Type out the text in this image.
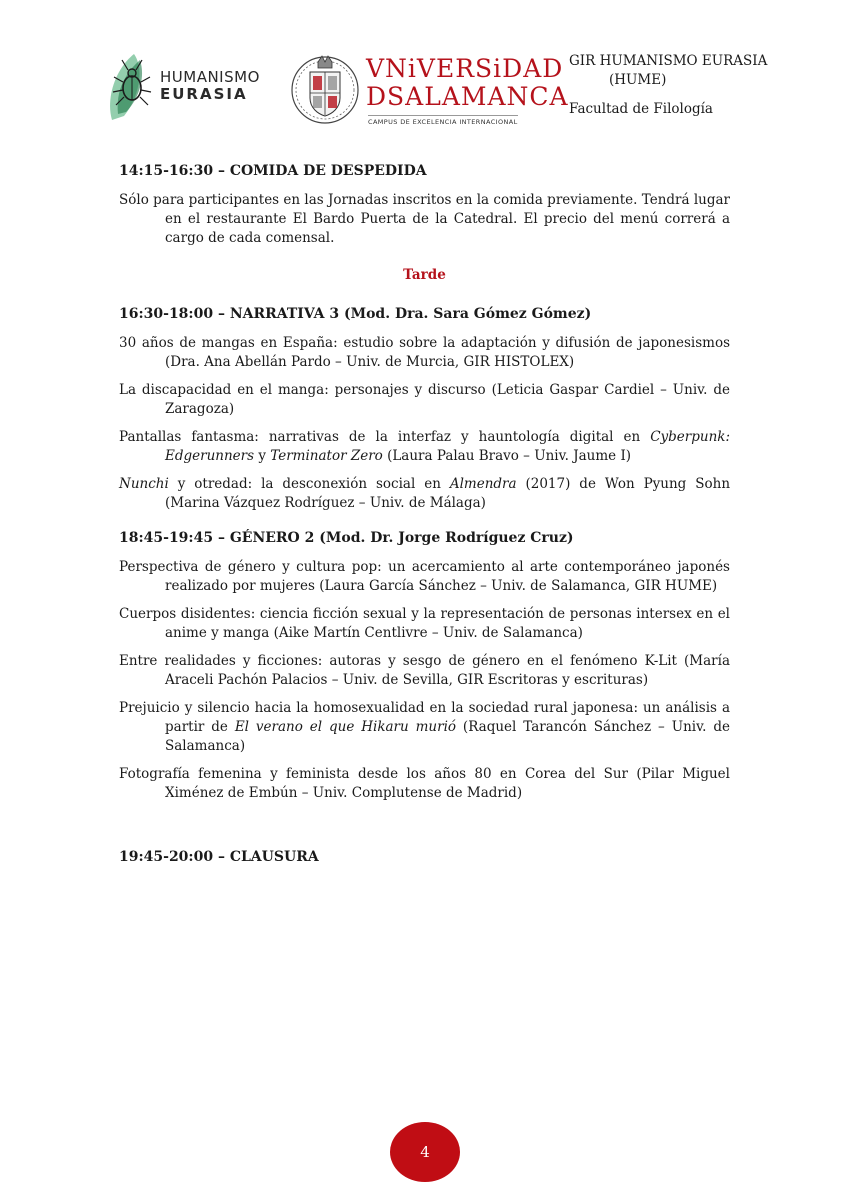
HUMANISMO
EURASIA
VNiVERSiDAD
DSALAMANCA
CAMPUS DE EXCELENCIA INTERNACIONAL
GIR HUMANISMO EURASIA
(HUME)
Facultad de Filología
14:15-16:30 – COMIDA DE DESPEDIDA

Sólo para participantes en las Jornadas inscritos en la comida previamente. Tendrá lugar en el restaurante El Bardo Puerta de la Catedral. El precio del menú correrá a cargo de cada comensal.

Tarde
16:30-18:00 – NARRATIVA 3 (Mod. Dra. Sara Gómez Gómez)

30 años de mangas en España: estudio sobre la adaptación y difusión de japonesismos (Dra. Ana Abellán Pardo – Univ. de Murcia, GIR HISTOLEX)

La discapacidad en el manga: personajes y discurso (Leticia Gaspar Cardiel – Univ. de Zaragoza)

Pantallas fantasma: narrativas de la interfaz y hauntología digital en Cyberpunk: Edgerunners y Terminator Zero (Laura Palau Bravo – Univ. Jaume I)

Nunchi y otredad: la desconexión social en Almendra (2017) de Won Pyung Sohn (Marina Vázquez Rodríguez – Univ. de Málaga)

18:45-19:45 – GÉNERO 2 (Mod. Dr. Jorge Rodríguez Cruz)

Perspectiva de género y cultura pop: un acercamiento al arte contemporáneo japonés realizado por mujeres (Laura García Sánchez – Univ. de Salamanca, GIR HUME)

Cuerpos disidentes: ciencia ficción sexual y la representación de personas intersex en el anime y manga (Aike Martín Centlivre – Univ. de Salamanca)

Entre realidades y ficciones: autoras y sesgo de género en el fenómeno K-Lit (María Araceli Pachón Palacios – Univ. de Sevilla, GIR Escritoras y escrituras)

Prejuicio y silencio hacia la homosexualidad en la sociedad rural japonesa: un análisis a partir de El verano el que Hikaru murió (Raquel Tarancón Sánchez – Univ. de Salamanca)

Fotografía femenina y feminista desde los años 80 en Corea del Sur (Pilar Miguel Ximénez de Embún – Univ. Complutense de Madrid)

19:45-20:00 – CLAUSURA
4
